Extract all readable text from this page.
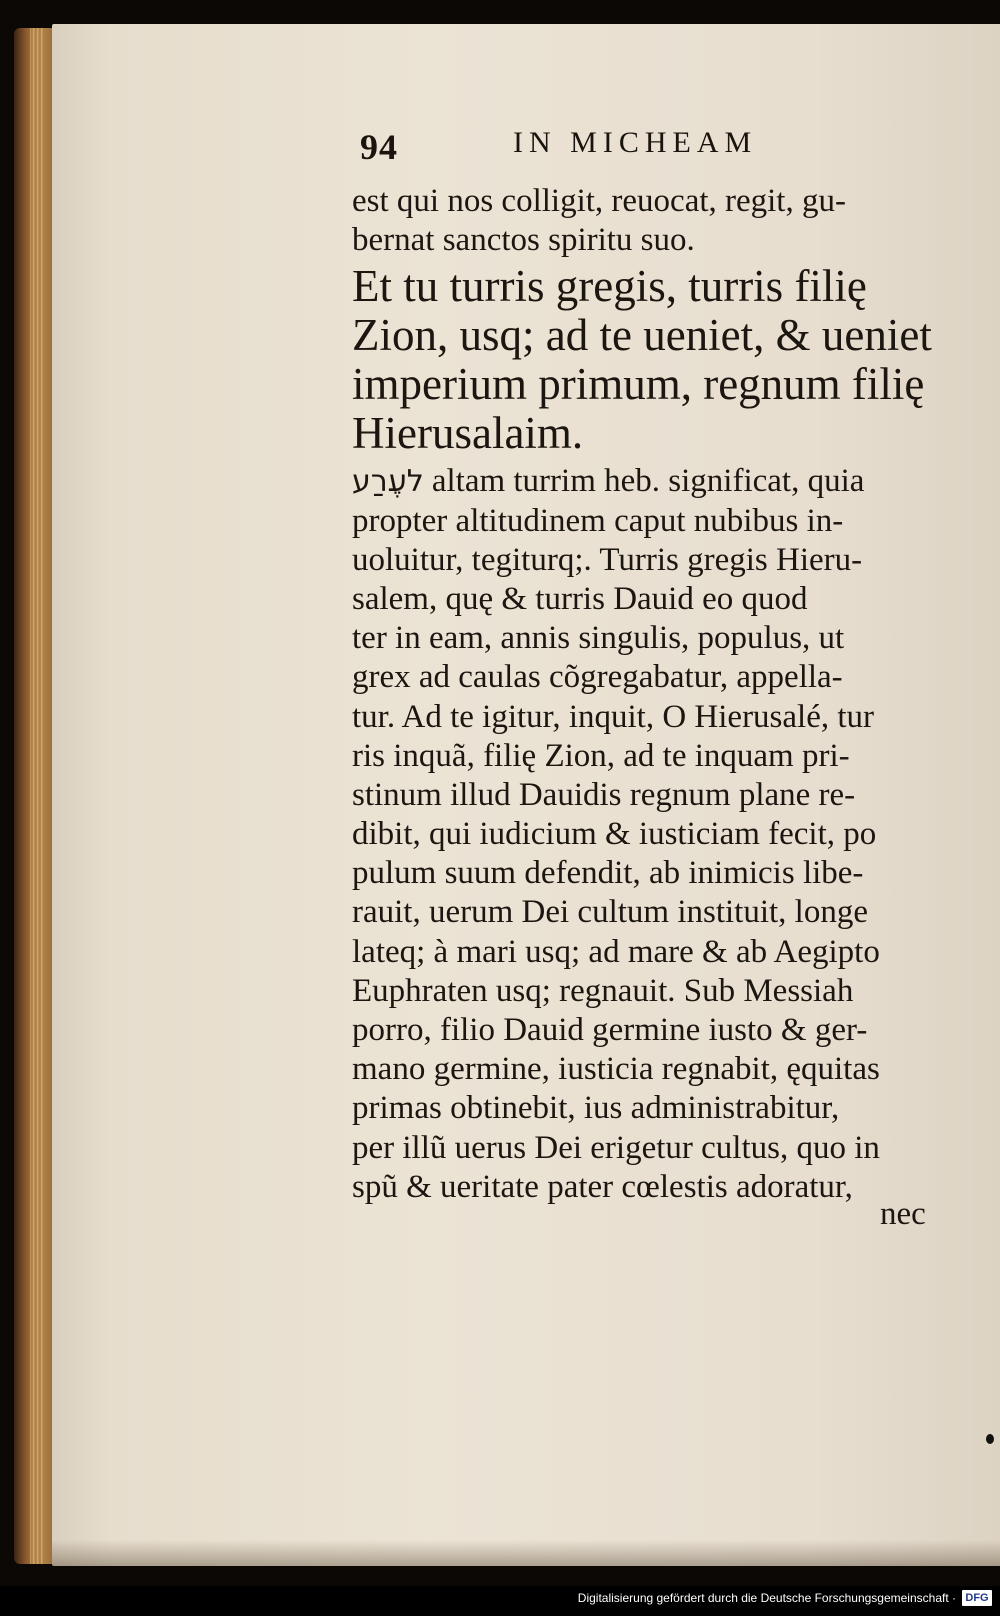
94	IN MICHEAM
est qui nos colligit, reuocat, regit, gu-
bernat sanctos spiritu suo.
Et tu turris gregis, turris filię
Zion, usq; ad te ueniet, & ueniet
imperium primum, regnum filię
Hierusalaim.
לעֶרַע altam turrim heb. significat, quia
propter altitudinem caput nubibus in-
uoluitur, tegiturq;. Turris gregis Hieru-
salem, quę & turris Dauid eo quod
ter in eam, annis singulis, populus, ut
grex ad caulas cõgregabatur, appella-
tur. Ad te igitur, inquit, O Hierusalé, tur
ris inquã, filię Zion, ad te inquam pri-
stinum illud Dauidis regnum plane re-
dibit, qui iudicium & iusticiam fecit, po
pulum suum defendit, ab inimicis libe-
rauit, uerum Dei cultum instituit, longe
lateq; à mari usq; ad mare & ab Aegipto
Euphraten usq; regnauit. Sub Messiah
porro, filio Dauid germine iusto & ger-
mano germine, iusticia regnabit, ęquitas
primas obtinebit, ius administrabitur,
per illũ uerus Dei erigetur cultus, quo in
spũ & ueritate pater cœlestis adoratur,
nec
Digitalisierung gefördert durch die Deutsche Forschungsgemeinschaft · DFG
